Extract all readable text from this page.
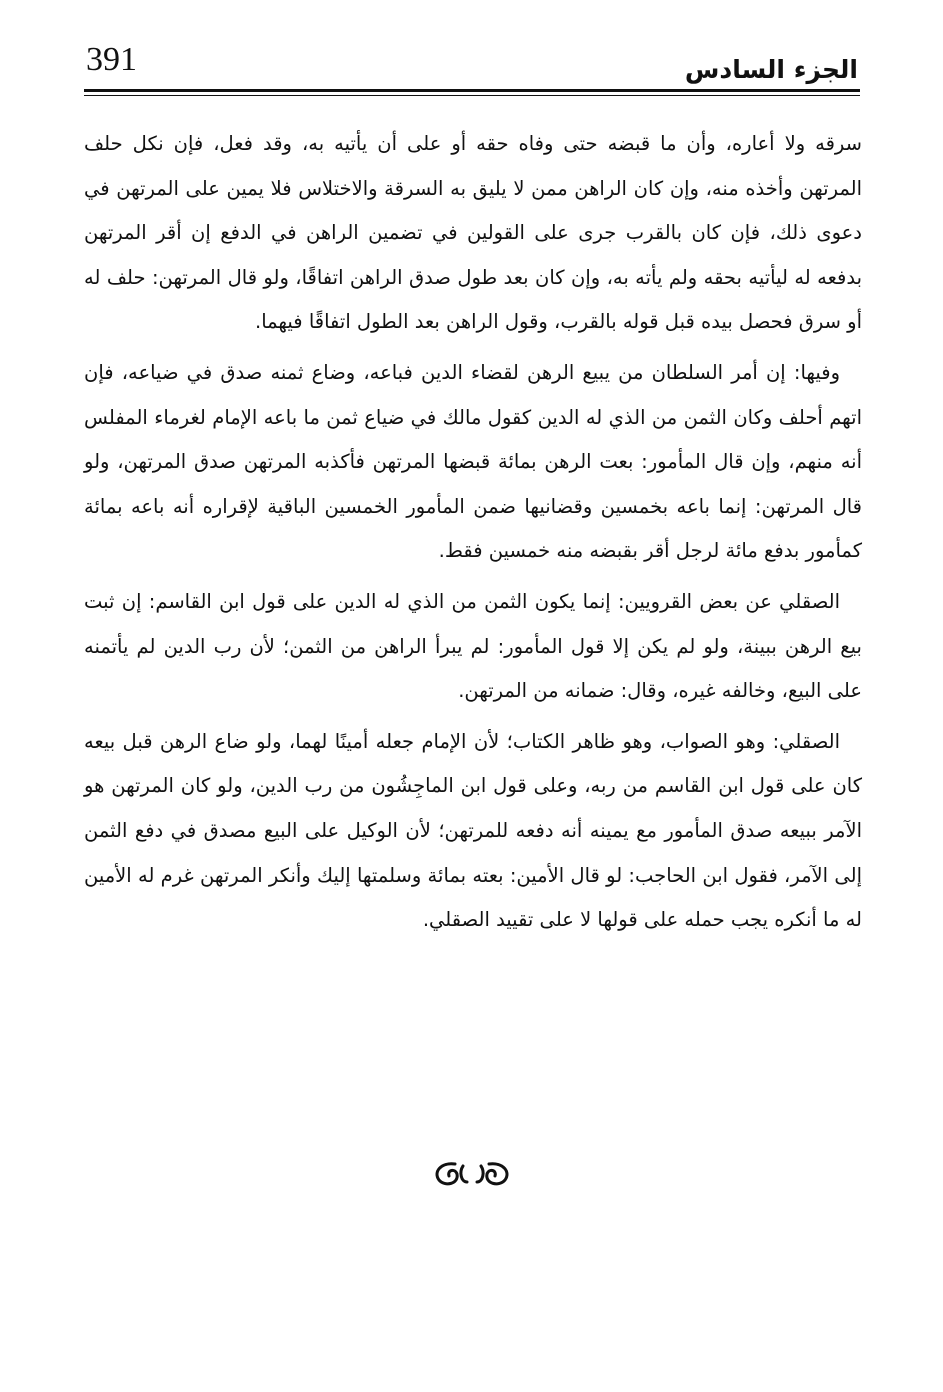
391	الجزء السادس

سرقه ولا أعاره، وأن ما قبضه حتى وفاه حقه أو على أن يأتيه به، وقد فعل، فإن نكل حلف المرتهن وأخذه منه، وإن كان الراهن ممن لا يليق به السرقة والاختلاس فلا يمين على المرتهن في دعوى ذلك، فإن كان بالقرب جرى على القولين في تضمين الراهن في الدفع إن أقر المرتهن بدفعه له ليأتيه بحقه ولم يأته به، وإن كان بعد طول صدق الراهن اتفاقًا، ولو قال المرتهن: حلف له أو سرق فحصل بيده قبل قوله بالقرب، وقول الراهن بعد الطول اتفاقًا فيهما.

وفيها: إن أمر السلطان من يبيع الرهن لقضاء الدين فباعه، وضاع ثمنه صدق في ضياعه، فإن اتهم أحلف وكان الثمن من الذي له الدين كقول مالك في ضياع ثمن ما باعه الإمام لغرماء المفلس أنه منهم، وإن قال المأمور: بعت الرهن بمائة قبضها المرتهن فأكذبه المرتهن صدق المرتهن، ولو قال المرتهن: إنما باعه بخمسين وقضانيها ضمن المأمور الخمسين الباقية لإقراره أنه باعه بمائة كمأمور بدفع مائة لرجل أقر بقبضه منه خمسين فقط.

الصقلي عن بعض القرويين: إنما يكون الثمن من الذي له الدين على قول ابن القاسم: إن ثبت بيع الرهن ببينة، ولو لم يكن إلا قول المأمور: لم يبرأ الراهن من الثمن؛ لأن رب الدين لم يأتمنه على البيع، وخالفه غيره، وقال: ضمانه من المرتهن.

الصقلي: وهو الصواب، وهو ظاهر الكتاب؛ لأن الإمام جعله أمينًا لهما، ولو ضاع الرهن قبل بيعه كان على قول ابن القاسم من ربه، وعلى قول ابن الماجِشُون من رب الدين، ولو كان المرتهن هو الآمر ببيعه صدق المأمور مع يمينه أنه دفعه للمرتهن؛ لأن الوكيل على البيع مصدق في دفع الثمن إلى الآمر، فقول ابن الحاجب: لو قال الأمين: بعته بمائة وسلمتها إليك وأنكر المرتهن غرم له الأمين له ما أنكره يجب حمله على قولها لا على تقييد الصقلي.
